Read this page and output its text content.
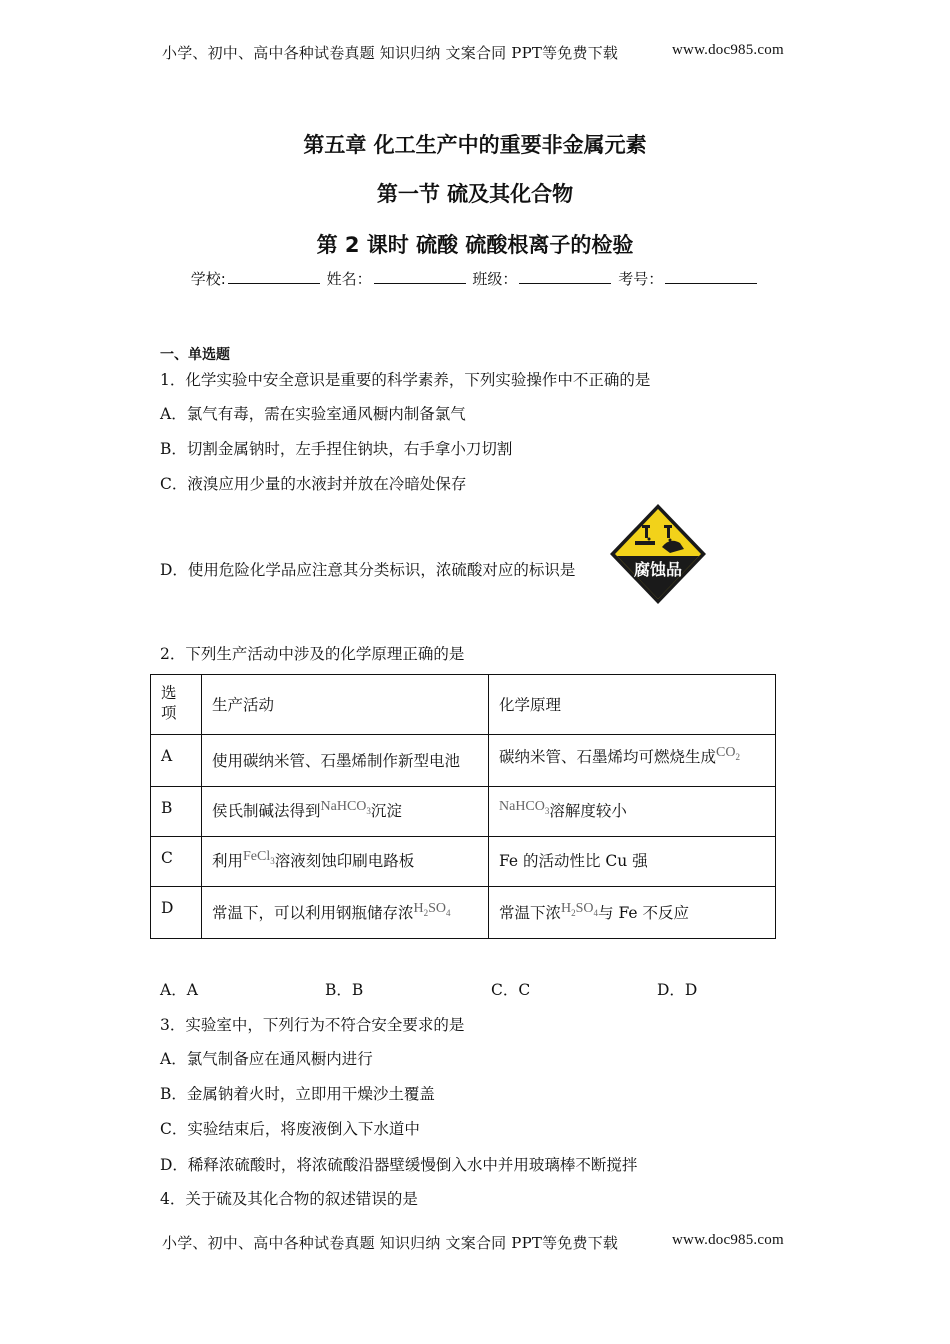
小学、初中、高中各种试卷真题 知识归纳 文案合同 PPT等免费下载	www.doc985.com
第五章 化工生产中的重要非金属元素
第一节 硫及其化合物
第 2 课时 硫酸 硫酸根离子的检验
学校:	姓名：	班级：	考号：
一、单选题
1．化学实验中安全意识是重要的科学素养，下列实验操作中不正确的是
A．氯气有毒，需在实验室通风橱内制备氯气
B．切割金属钠时，左手捏住钠块，右手拿小刀切割
C．液溴应用少量的水液封并放在冷暗处保存
D．使用危险化学品应注意其分类标识，浓硫酸对应的标识是	腐蚀品
2．下列生产活动中涉及的化学原理正确的是
选项	生产活动	化学原理

A	使用碳纳米管、石墨烯制作新型电池	碳纳米管、石墨烯均可燃烧生成$CO_2$

B	侯氏制碱法得到NaHCO$_3$沉淀	NaHCO$_3$溶解度较小

C	利用FeCl$_3$溶液刻蚀印刷电路板	Fe 的活动性比 Cu 强

D	常温下，可以利用钢瓶储存浓$H_2SO_4$	常温下浓$H_2SO_4$与 Fe 不反应
A．A	B．B	C．C	D．D
3．实验室中，下列行为不符合安全要求的是
A．氯气制备应在通风橱内进行
B．金属钠着火时，立即用干燥沙土覆盖
C．实验结束后，将废液倒入下水道中
D．稀释浓硫酸时，将浓硫酸沿器壁缓慢倒入水中并用玻璃棒不断搅拌
4．关于硫及其化合物的叙述错误的是
小学、初中、高中各种试卷真题 知识归纳 文案合同 PPT等免费下载	www.doc985.com
